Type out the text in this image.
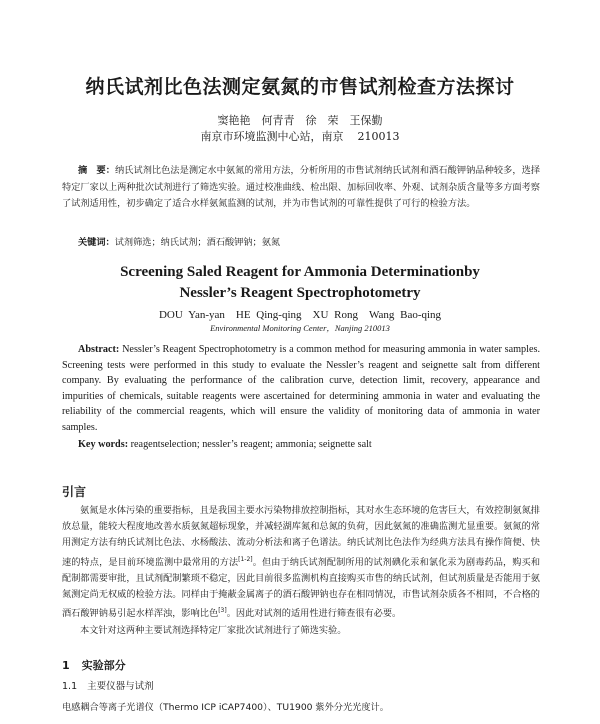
纳氏试剂比色法测定氨氮的市售试剂检查方法探讨
窦艳艳　何青青　徐　荣　王保勤
南京市环境监测中心站，南京 210013
摘　要：纳氏试剂比色法是测定水中氨氮的常用方法，分析所用的市售试剂纳氏试剂和酒石酸钾钠品种较多，选择特定厂家以上两种批次试剂进行了筛选实验。通过校准曲线、检出限、加标回收率、外观、试剂杂质含量等多方面考察了试剂适用性，初步确定了适合水样氨氮监测的试剂，并为市售试剂的可靠性提供了可行的检验方法。
关键词：试剂筛选；纳氏试剂；酒石酸钾钠；氨氮
Screening Saled Reagent for Ammonia Determinationby
Nessler’s Reagent Spectrophotometry
DOU Yan-yan　HE Qing-qing　XU Rong　Wang Bao-qing
Environmental Monitoring Center，Nanjing 210013
Abstract: Nessler’s Reagent Spectrophotometry is a common method for measuring ammonia in water samples. Screening tests were performed in this study to evaluate the Nessler’s reagent and seignette salt from different company. By evaluating the performance of the calibration curve, detection limit, recovery, appearance and impurities of chemicals, suitable reagents were ascertained for determining ammonia in water and evaluating the reliability of the commercial reagents, which will ensure the validity of monitoring data of ammonia in water samples.
Key words: reagentselection; nessler’s reagent; ammonia; seignette salt
引言

氨氮是水体污染的重要指标，且是我国主要水污染物排放控制指标，其对水生态环境的危害巨大，有效控制氨氮排放总量，能较大程度地改善水质氨氮超标现象，并减轻湖库氮和总氮的负荷，因此氨氮的准确监测尤显重要。氨氮的常用测定方法有纳氏试剂比色法、水杨酸法、流动分析法和离子色谱法。纳氏试剂比色法作为经典方法具有操作简便、快速的特点，是目前环境监测中最常用的方法[1-2]。但由于纳氏试剂配制所用的试剂碘化汞和氯化汞为剧毒药品，购买和配制都需要审批，且试剂配制繁琐不稳定，因此目前很多监测机构直接购买市售的纳氏试剂，但试剂质量是否能用于氨氮测定尚无权威的检验方法。同样由于掩蔽金属离子的酒石酸钾钠也存在相同情况，市售试剂杂质各不相同，不合格的酒石酸钾钠易引起水样浑浊，影响比色[3]。因此对试剂的适用性进行筛查很有必要。

本文针对这两种主要试剂选择特定厂家批次试剂进行了筛选实验。

1 实验部分
1.1 主要仪器与试剂
电感耦合等离子光谱仪（Thermo ICP iCAP7400）、TU1900 紫外分光光度计。
